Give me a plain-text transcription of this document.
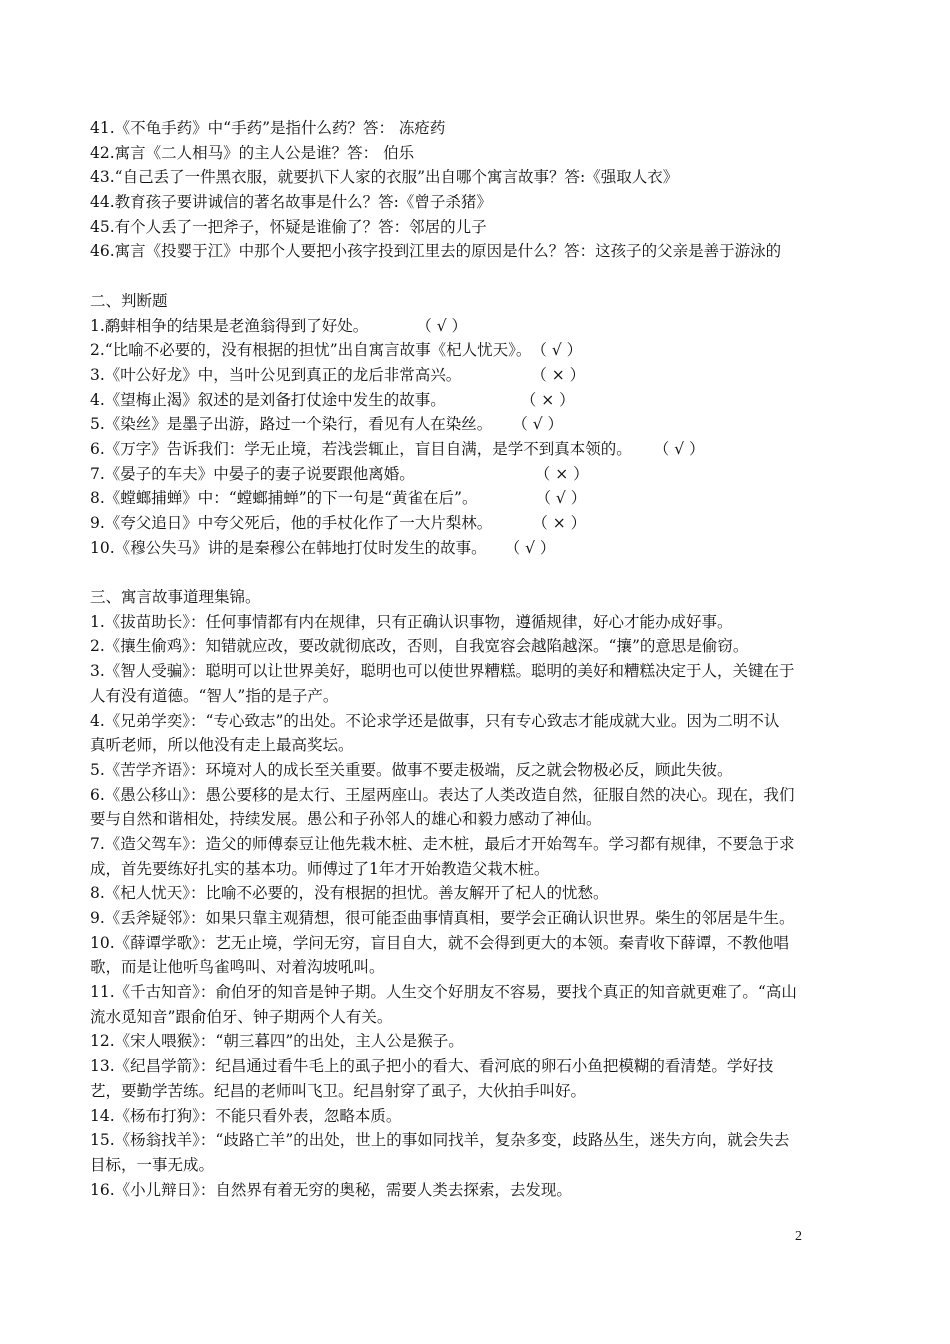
41.《不龟手药》中“手药”是指什么药？答： 冻疮药
42.寓言《二人相马》的主人公是谁？答： 伯乐
43.“自己丢了一件黑衣服，就要扒下人家的衣服”出自哪个寓言故事？答:《强取人衣》
44.教育孩子要讲诚信的著名故事是什么？答:《曾子杀猪》
45.有个人丢了一把斧子，怀疑是谁偷了？答：邻居的儿子
46.寓言《投婴于江》中那个人要把小孩字投到江里去的原因是什么？答：这孩子的父亲是善于游泳的
二、判断题
1.鹬蚌相争的结果是老渔翁得到了好处。	（ √ ）
2.“比喻不必要的，没有根据的担忧”出自寓言故事《杞人忧天》。（ √ ）
3.《叶公好龙》中，当叶公见到真正的龙后非常高兴。	（ × ）
4.《望梅止渴》叙述的是刘备打仗途中发生的故事。	（ × ）
5.《染丝》是墨子出游，路过一个染行，看见有人在染丝。 （ √ ）
6.《万字》告诉我们：学无止境，若浅尝辄止，盲目自满，是学不到真本领的。 （ √ ）
7.《晏子的车夫》中晏子的妻子说要跟他离婚。	（ × ）
8.《螳螂捕蝉》中：“螳螂捕蝉”的下一句是“黄雀在后”。	（ √ ）
9.《夸父追日》中夸父死后，他的手杖化作了一大片梨林。	（ × ）
10.《穆公失马》讲的是秦穆公在韩地打仗时发生的故事。 （ √ ）
三、寓言故事道理集锦。
1.《拔苗助长》：任何事情都有内在规律，只有正确认识事物，遵循规律，好心才能办成好事。
2.《攘生偷鸡》：知错就应改，要改就彻底改，否则，自我宽容会越陷越深。“攘”的意思是偷窃。
3.《智人受骗》：聪明可以让世界美好，聪明也可以使世界糟糕。聪明的美好和糟糕决定于人，关键在于
人有没有道德。“智人”指的是子产。
4.《兄弟学奕》：“专心致志”的出处。不论求学还是做事，只有专心致志才能成就大业。因为二明不认
真听老师，所以他没有走上最高奖坛。
5.《苦学齐语》：环境对人的成长至关重要。做事不要走极端，反之就会物极必反，顾此失彼。
6.《愚公移山》：愚公要移的是太行、王屋两座山。表达了人类改造自然，征服自然的决心。现在，我们
要与自然和谐相处，持续发展。愚公和子孙邻人的雄心和毅力感动了神仙。
7.《造父驾车》：造父的师傅泰豆让他先栽木桩、走木桩，最后才开始驾车。学习都有规律，不要急于求
成，首先要练好扎实的基本功。师傅过了1年才开始教造父栽木桩。
8.《杞人忧天》：比喻不必要的，没有根据的担忧。善友解开了杞人的忧愁。
9.《丢斧疑邻》：如果只靠主观猜想，很可能歪曲事情真相，要学会正确认识世界。柴生的邻居是牛生。
10.《薛谭学歌》：艺无止境，学问无穷，盲目自大，就不会得到更大的本领。秦青收下薛谭，不教他唱
歌，而是让他听鸟雀鸣叫、对着沟坡吼叫。
11.《千古知音》：俞伯牙的知音是钟子期。人生交个好朋友不容易，要找个真正的知音就更难了。“高山
流水觅知音”跟俞伯牙、钟子期两个人有关。
12.《宋人喂猴》：“朝三暮四”的出处，主人公是猴子。
13.《纪昌学箭》：纪昌通过看牛毛上的虱子把小的看大、看河底的卵石小鱼把模糊的看清楚。学好技
艺，要勤学苦练。纪昌的老师叫飞卫。纪昌射穿了虱子，大伙拍手叫好。
14.《杨布打狗》：不能只看外表，忽略本质。
15.《杨翁找羊》：“歧路亡羊”的出处，世上的事如同找羊，复杂多变，歧路丛生，迷失方向，就会失去
目标，一事无成。
16.《小儿辩日》：自然界有着无穷的奥秘，需要人类去探索，去发现。
2
